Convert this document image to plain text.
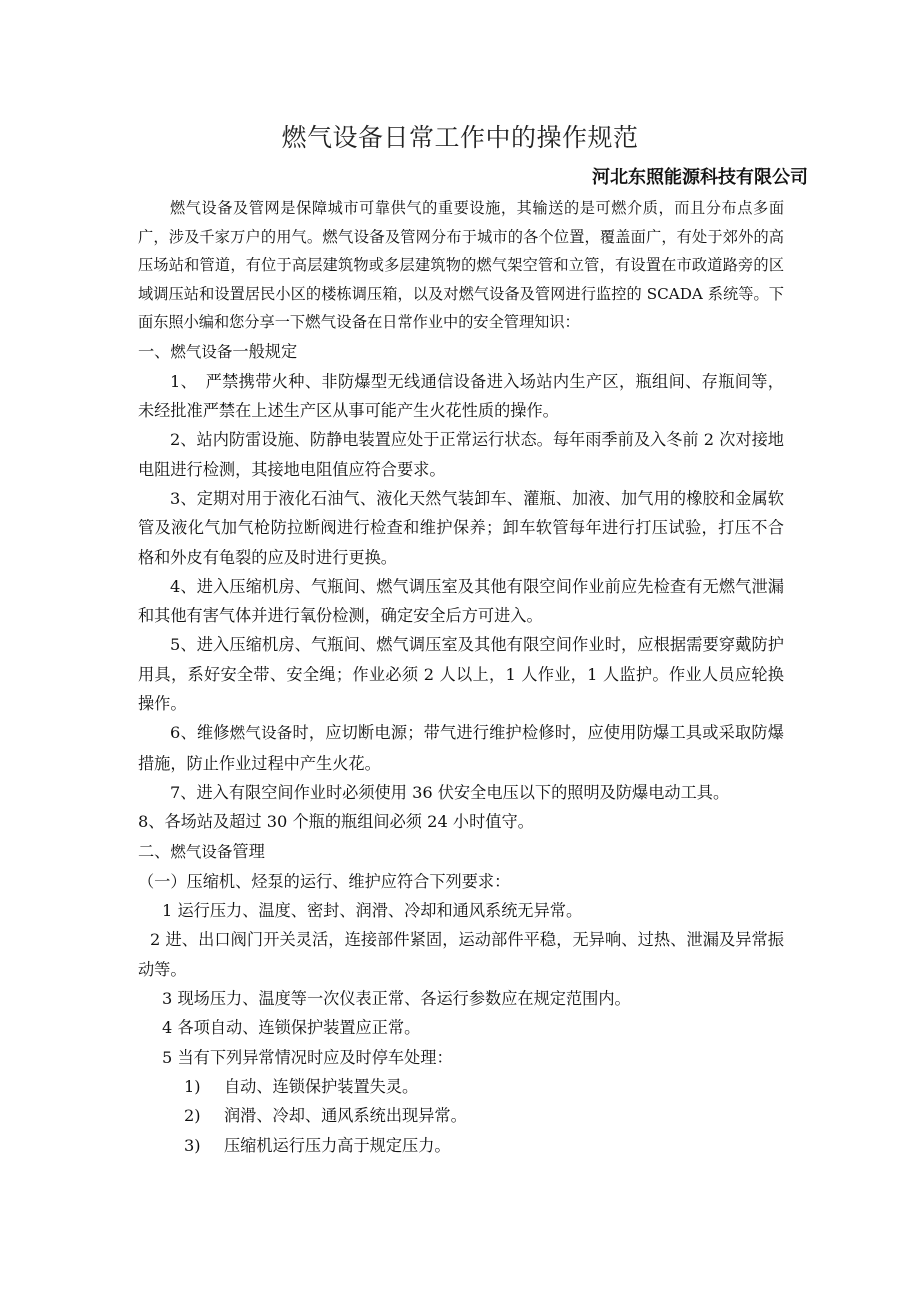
燃气设备日常工作中的操作规范
河北东照能源科技有限公司

燃气设备及管网是保障城市可靠供气的重要设施，其输送的是可燃介质，而且分布点多面广，涉及千家万户的用气。燃气设备及管网分布于城市的各个位置，覆盖面广，有处于郊外的高压场站和管道，有位于高层建筑物或多层建筑物的燃气架空管和立管，有设置在市政道路旁的区域调压站和设置居民小区的楼栋调压箱，以及对燃气设备及管网进行监控的 SCADA 系统等。下面东照小编和您分享一下燃气设备在日常作业中的安全管理知识：

一、燃气设备一般规定

1、　严禁携带火种、非防爆型无线通信设备进入场站内生产区，瓶组间、存瓶间等，未经批准严禁在上述生产区从事可能产生火花性质的操作。

2、站内防雷设施、防静电装置应处于正常运行状态。每年雨季前及入冬前 2 次对接地电阻进行检测，其接地电阻值应符合要求。

3、定期对用于液化石油气、液化天然气装卸车、灌瓶、加液、加气用的橡胶和金属软管及液化气加气枪防拉断阀进行检查和维护保养；卸车软管每年进行打压试验，打压不合格和外皮有龟裂的应及时进行更换。

4、进入压缩机房、气瓶间、燃气调压室及其他有限空间作业前应先检查有无燃气泄漏和其他有害气体并进行氧份检测，确定安全后方可进入。

5、进入压缩机房、气瓶间、燃气调压室及其他有限空间作业时，应根据需要穿戴防护用具，系好安全带、安全绳；作业必须 2 人以上，1 人作业，1 人监护。作业人员应轮换操作。

6、维修燃气设备时，应切断电源；带气进行维护检修时，应使用防爆工具或采取防爆措施，防止作业过程中产生火花。

7、进入有限空间作业时必须使用 36 伏安全电压以下的照明及防爆电动工具。

8、各场站及超过 30 个瓶的瓶组间必须 24 小时值守。

二、燃气设备管理

（一）压缩机、烃泵的运行、维护应符合下列要求：

1 运行压力、温度、密封、润滑、冷却和通风系统无异常。

2 进、出口阀门开关灵活，连接部件紧固，运动部件平稳，无异响、过热、泄漏及异常振动等。

3 现场压力、温度等一次仪表正常、各运行参数应在规定范围内。

4 各项自动、连锁保护装置应正常。

5 当有下列异常情况时应及时停车处理：

1) 自动、连锁保护装置失灵。

2) 润滑、冷却、通风系统出现异常。

3) 压缩机运行压力高于规定压力。
